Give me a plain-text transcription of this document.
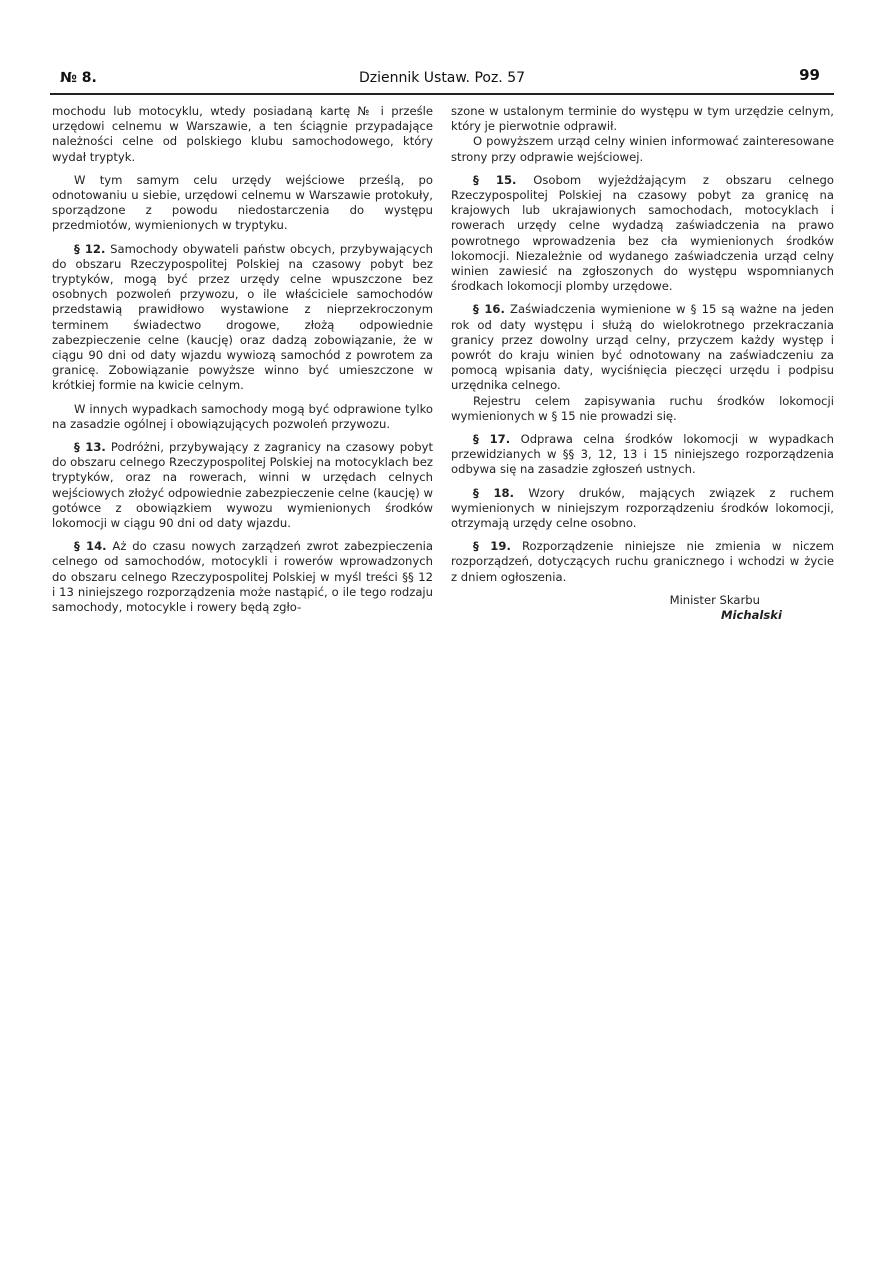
№ 8.	Dziennik Ustaw. Poz. 57	99

mochodu lub motocyklu, wtedy posiadaną kartę № i prześle urzędowi celnemu w Warszawie, a ten ściągnie przypadające należności celne od polskiego klubu samochodowego, który wydał tryptyk.

W tym samym celu urzędy wejściowe prześlą, po odnotowaniu u siebie, urzędowi celnemu w Warszawie protokuły, sporządzone z powodu niedostarczenia do występu przedmiotów, wymienionych w tryptyku.

§ 12. Samochody obywateli państw obcych, przybywających do obszaru Rzeczypospolitej Polskiej na czasowy pobyt bez tryptyków, mogą być przez urzędy celne wpuszczone bez osobnych pozwoleń przywozu, o ile właściciele samochodów przedstawią prawidłowo wystawione z nieprzekroczonym terminem świadectwo drogowe, złożą odpowiednie zabezpieczenie celne (kaucję) oraz dadzą zobowiązanie, że w ciągu 90 dni od daty wjazdu wywiozą samochód z powrotem za granicę. Zobowiązanie powyższe winno być umieszczone w krótkiej formie na kwicie celnym.

W innych wypadkach samochody mogą być odprawione tylko na zasadzie ogólnej i obowiązujących pozwoleń przywozu.

§ 13. Podróżni, przybywający z zagranicy na czasowy pobyt do obszaru celnego Rzeczypospolitej Polskiej na motocyklach bez tryptyków, oraz na rowerach, winni w urzędach celnych wejściowych złożyć odpowiednie zabezpieczenie celne (kaucję) w gotówce z obowiązkiem wywozu wymienionych środków lokomocji w ciągu 90 dni od daty wjazdu.

§ 14. Aż do czasu nowych zarządzeń zwrot zabezpieczenia celnego od samochodów, motocykli i rowerów wprowadzonych do obszaru celnego Rzeczypospolitej Polskiej w myśl treści §§ 12 i 13 niniejszego rozporządzenia może nastąpić, o ile tego rodzaju samochody, motocykle i rowery będą zgło-

szone w ustalonym terminie do występu w tym urzędzie celnym, który je pierwotnie odprawił.

O powyższem urząd celny winien informować zainteresowane strony przy odprawie wejściowej.

§ 15. Osobom wyjeżdżającym z obszaru celnego Rzeczypospolitej Polskiej na czasowy pobyt za granicę na krajowych lub ukrajawionych samochodach, motocyklach i rowerach urzędy celne wydadzą zaświadczenia na prawo powrotnego wprowadzenia bez cła wymienionych środków lokomocji. Niezależnie od wydanego zaświadczenia urząd celny winien zawiesić na zgłoszonych do występu wspomnianych środkach lokomocji plomby urzędowe.

§ 16. Zaświadczenia wymienione w § 15 są ważne na jeden rok od daty występu i służą do wielokrotnego przekraczania granicy przez dowolny urząd celny, przyczem każdy występ i powrót do kraju winien być odnotowany na zaświadczeniu za pomocą wpisania daty, wyciśnięcia pieczęci urzędu i podpisu urzędnika celnego.

Rejestru celem zapisywania ruchu środków lokomocji wymienionych w § 15 nie prowadzi się.

§ 17. Odprawa celna środków lokomocji w wypadkach przewidzianych w §§ 3, 12, 13 i 15 niniejszego rozporządzenia odbywa się na zasadzie zgłoszeń ustnych.

§ 18. Wzory druków, mających związek z ruchem wymienionych w niniejszym rozporządzeniu środków lokomocji, otrzymają urzędy celne osobno.

§ 19. Rozporządzenie niniejsze nie zmienia w niczem rozporządzeń, dotyczących ruchu granicznego i wchodzi w życie z dniem ogłoszenia.

Minister Skarbu
Michalski
